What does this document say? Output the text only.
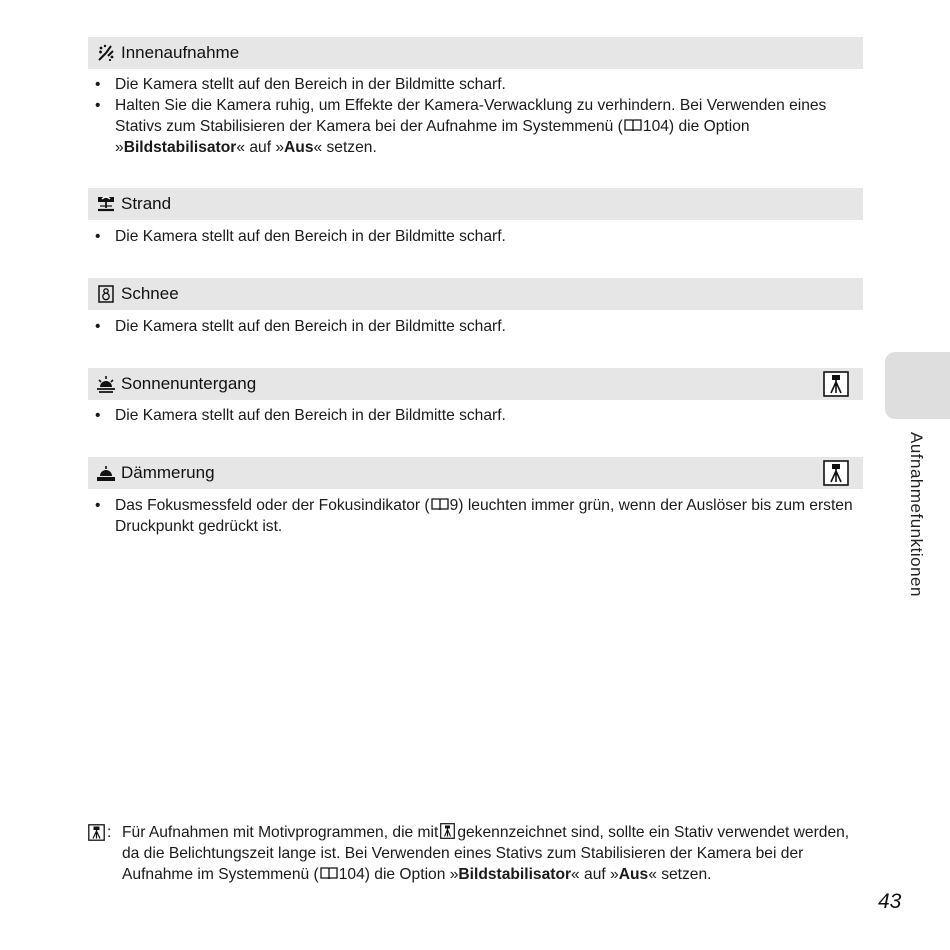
Innenaufnahme
• Die Kamera stellt auf den Bereich in der Bildmitte scharf.
• Halten Sie die Kamera ruhig, um Effekte der Kamera-Verwacklung zu verhindern. Bei Verwenden eines Stativs zum Stabilisieren der Kamera bei der Aufnahme im Systemmenü ( 104) die Option »Bildstabilisator« auf »Aus« setzen.
Strand
• Die Kamera stellt auf den Bereich in der Bildmitte scharf.
Schnee
• Die Kamera stellt auf den Bereich in der Bildmitte scharf.
Sonnenuntergang
• Die Kamera stellt auf den Bereich in der Bildmitte scharf.
Dämmerung
• Das Fokusmessfeld oder der Fokusindikator ( 9) leuchten immer grün, wenn der Auslöser bis zum ersten Druckpunkt gedrückt ist.	Aufnahmefunktionen
: Für Aufnahmen mit Motivprogrammen, die mit gekennzeichnet sind, sollte ein Stativ verwendet werden, da die Belichtungszeit lange ist. Bei Verwenden eines Stativs zum Stabilisieren der Kamera bei der Aufnahme im Systemmenü ( 104) die Option »Bildstabilisator« auf »Aus« setzen.
43
